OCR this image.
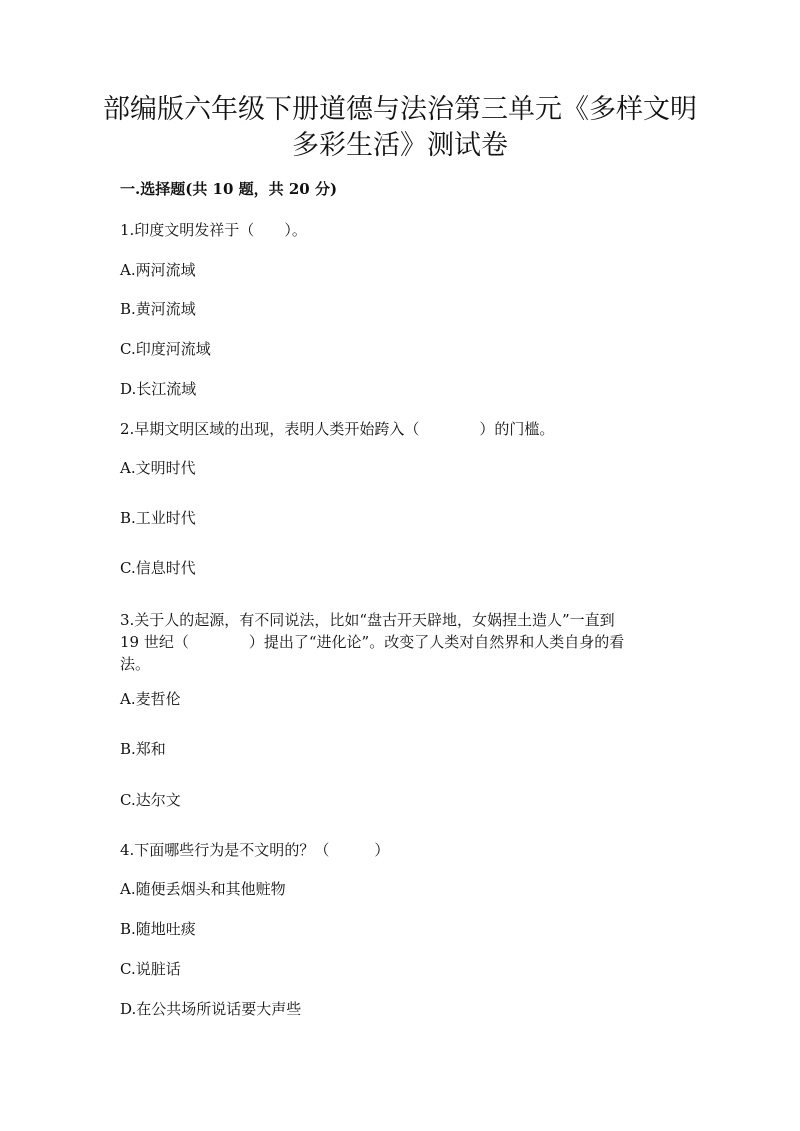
部编版六年级下册道德与法治第三单元《多样文明
多彩生活》测试卷
一.选择题(共 10 题，共 20 分)
1.印度文明发祥于（　　）。
A.两河流域
B.黄河流域
C.印度河流域
D.长江流域
2.早期文明区域的出现，表明人类开始跨入（　　　　）的门槛。
A.文明时代
B.工业时代
C.信息时代
3.关于人的起源，有不同说法，比如“盘古开天辟地，女娲捏土造人”一直到
19 世纪（　　　　）提出了“进化论”。改变了人类对自然界和人类自身的看
法。
A.麦哲伦
B.郑和
C.达尔文
4.下面哪些行为是不文明的？（　　　）
A.随便丢烟头和其他赃物
B.随地吐痰
C.说脏话
D.在公共场所说话要大声些
